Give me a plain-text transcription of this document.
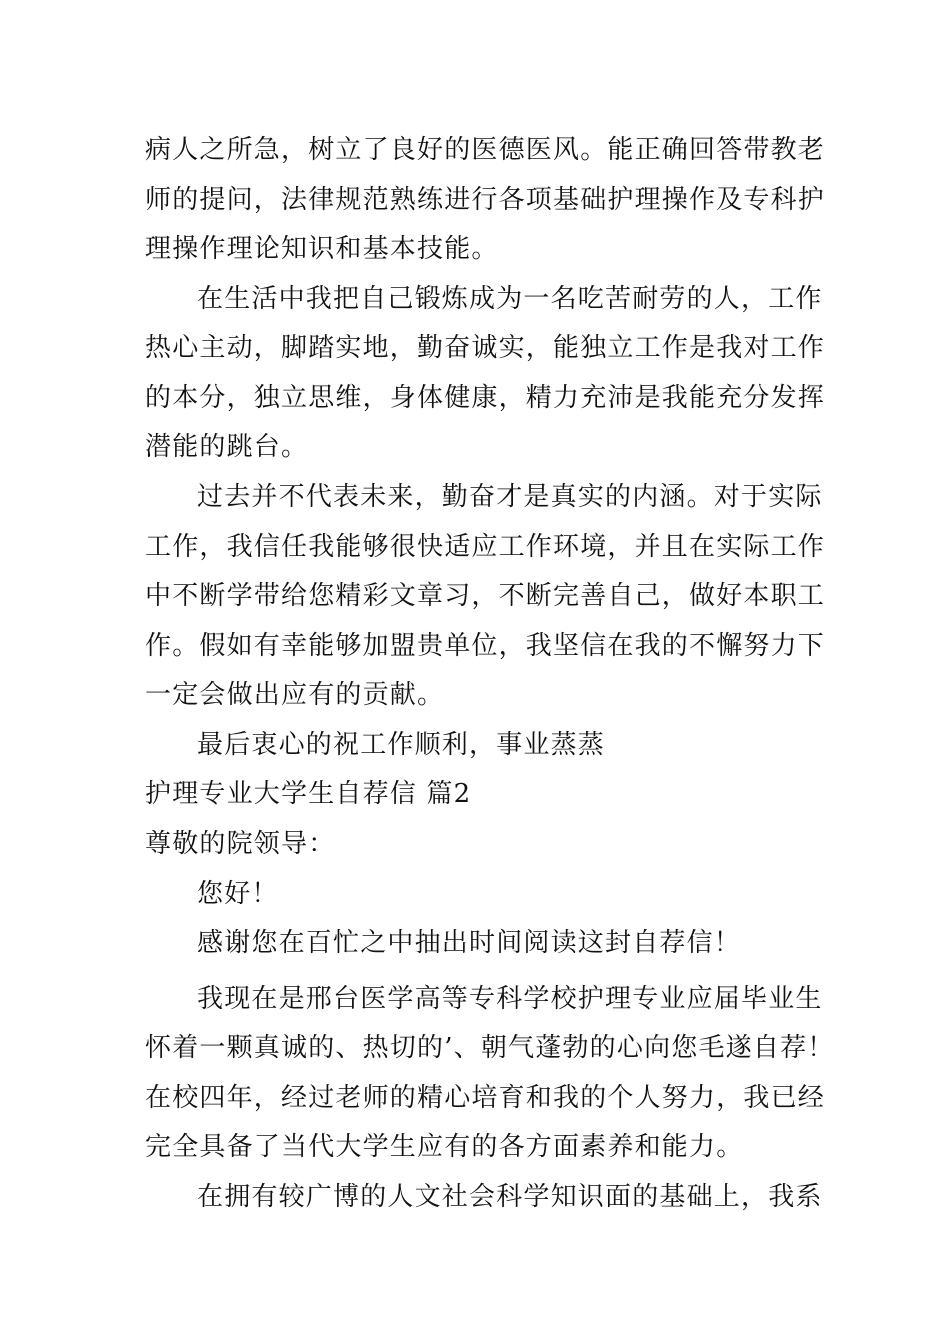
病人之所急，树立了良好的医德医风。能正确回答带教老

师的提问，法律规范熟练进行各项基础护理操作及专科护

理操作理论知识和基本技能。

在生活中我把自己锻炼成为一名吃苦耐劳的人，工作

热心主动，脚踏实地，勤奋诚实，能独立工作是我对工作

的本分，独立思维，身体健康，精力充沛是我能充分发挥

潜能的跳台。

过去并不代表未来，勤奋才是真实的内涵。对于实际

工作，我信任我能够很快适应工作环境，并且在实际工作

中不断学带给您精彩文章习，不断完善自己，做好本职工

作。假如有幸能够加盟贵单位，我坚信在我的不懈努力下

一定会做出应有的贡献。

最后衷心的祝工作顺利，事业蒸蒸

护理专业大学生自荐信 篇2

尊敬的院领导：

您好！

感谢您在百忙之中抽出时间阅读这封自荐信！

我现在是邢台医学高等专科学校护理专业应届毕业生

怀着一颗真诚的、热切的’、朝气蓬勃的心向您毛遂自荐！

在校四年，经过老师的精心培育和我的个人努力，我已经

完全具备了当代大学生应有的各方面素养和能力。

在拥有较广博的人文社会科学知识面的基础上，我系
